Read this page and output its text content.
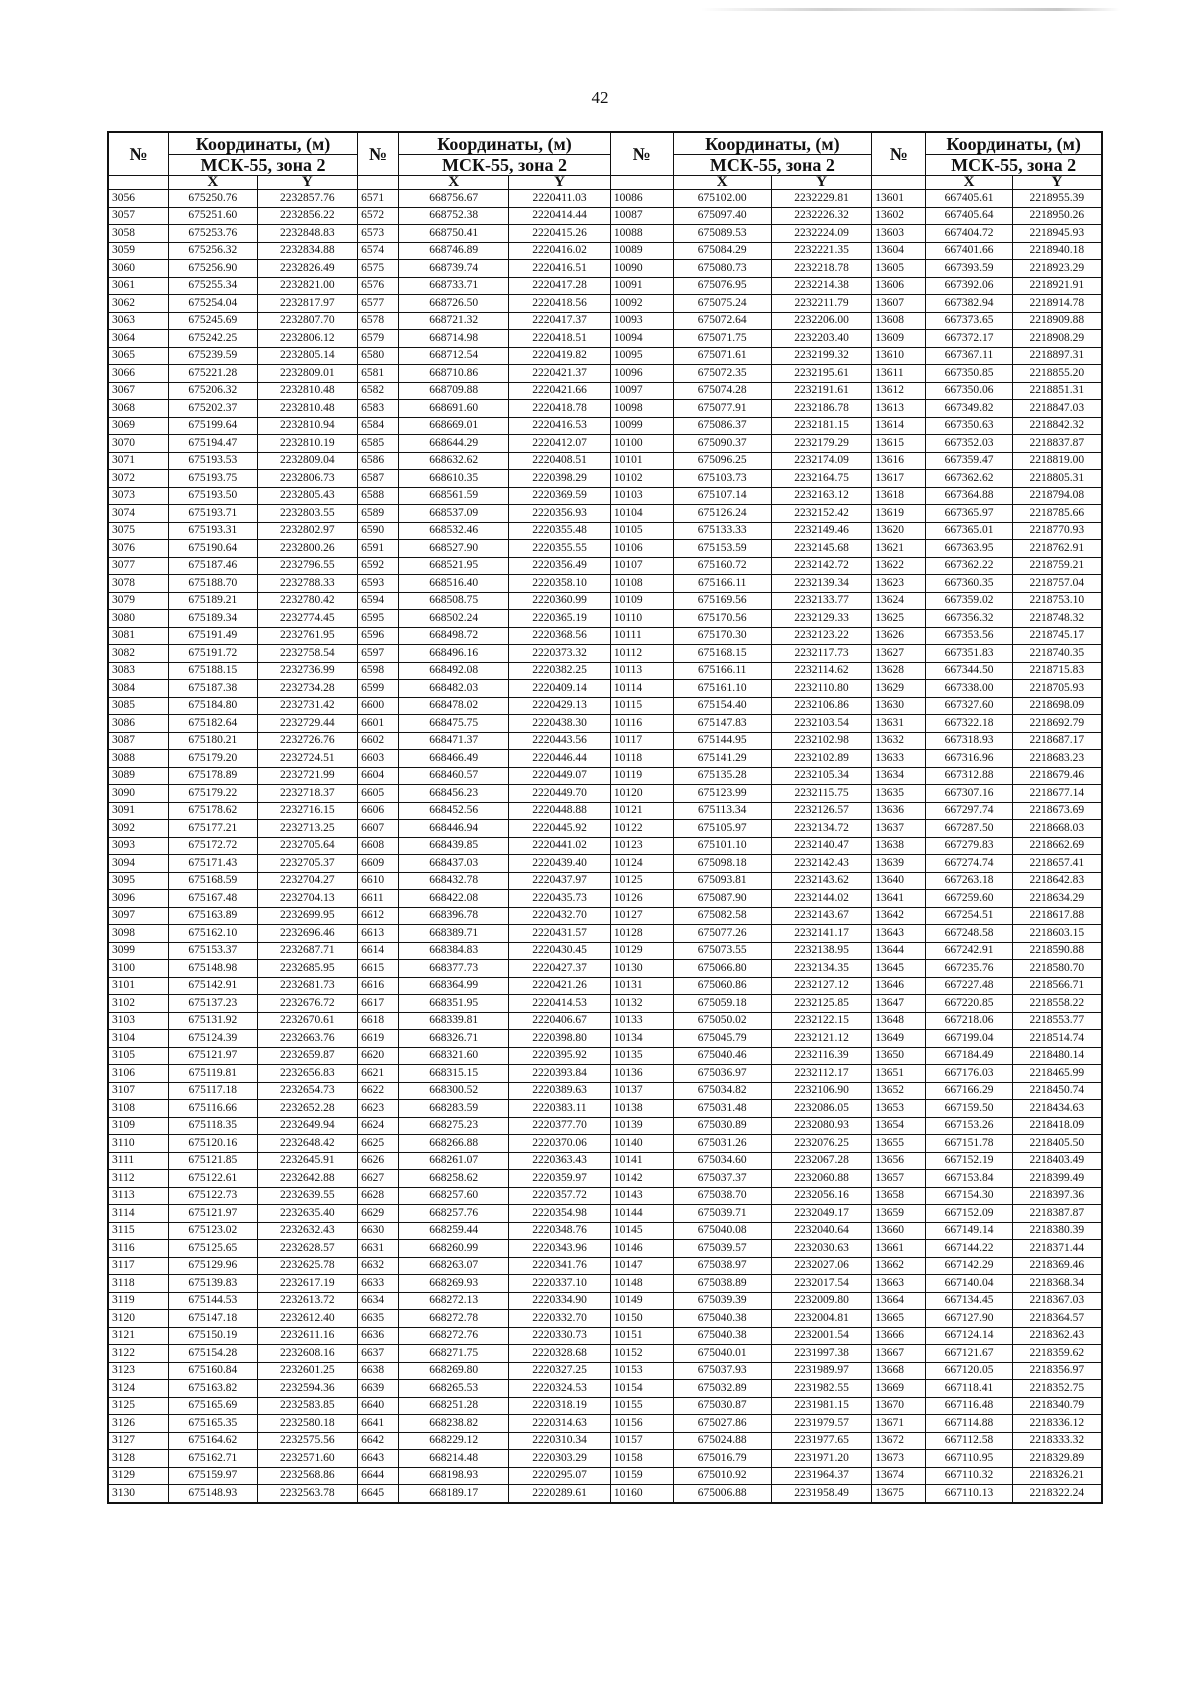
42
№	Координаты, (м)		№	Координаты, (м)		№	Координаты, (м)		№	Координаты, (м)	
	МСК-55, зона 2			МСК-55, зона 2			МСК-55, зона 2			МСК-55, зона 2	
	X	Y		X	Y		X	Y		X	Y
3056	675250.76	2232857.76	6571	668756.67	2220411.03	10086	675102.00	2232229.81	13601	667405.61	2218955.39
3057	675251.60	2232856.22	6572	668752.38	2220414.44	10087	675097.40	2232226.32	13602	667405.64	2218950.26
3058	675253.76	2232848.83	6573	668750.41	2220415.26	10088	675089.53	2232224.09	13603	667404.72	2218945.93
3059	675256.32	2232834.88	6574	668746.89	2220416.02	10089	675084.29	2232221.35	13604	667401.66	2218940.18
3060	675256.90	2232826.49	6575	668739.74	2220416.51	10090	675080.73	2232218.78	13605	667393.59	2218923.29
3061	675255.34	2232821.00	6576	668733.71	2220417.28	10091	675076.95	2232214.38	13606	667392.06	2218921.91
3062	675254.04	2232817.97	6577	668726.50	2220418.56	10092	675075.24	2232211.79	13607	667382.94	2218914.78
3063	675245.69	2232807.70	6578	668721.32	2220417.37	10093	675072.64	2232206.00	13608	667373.65	2218909.88
3064	675242.25	2232806.12	6579	668714.98	2220418.51	10094	675071.75	2232203.40	13609	667372.17	2218908.29
3065	675239.59	2232805.14	6580	668712.54	2220419.82	10095	675071.61	2232199.32	13610	667367.11	2218897.31
3066	675221.28	2232809.01	6581	668710.86	2220421.37	10096	675072.35	2232195.61	13611	667350.85	2218855.20
3067	675206.32	2232810.48	6582	668709.88	2220421.66	10097	675074.28	2232191.61	13612	667350.06	2218851.31
3068	675202.37	2232810.48	6583	668691.60	2220418.78	10098	675077.91	2232186.78	13613	667349.82	2218847.03
3069	675199.64	2232810.94	6584	668669.01	2220416.53	10099	675086.37	2232181.15	13614	667350.63	2218842.32
3070	675194.47	2232810.19	6585	668644.29	2220412.07	10100	675090.37	2232179.29	13615	667352.03	2218837.87
3071	675193.53	2232809.04	6586	668632.62	2220408.51	10101	675096.25	2232174.09	13616	667359.47	2218819.00
3072	675193.75	2232806.73	6587	668610.35	2220398.29	10102	675103.73	2232164.75	13617	667362.62	2218805.31
3073	675193.50	2232805.43	6588	668561.59	2220369.59	10103	675107.14	2232163.12	13618	667364.88	2218794.08
3074	675193.71	2232803.55	6589	668537.09	2220356.93	10104	675126.24	2232152.42	13619	667365.97	2218785.66
3075	675193.31	2232802.97	6590	668532.46	2220355.48	10105	675133.33	2232149.46	13620	667365.01	2218770.93
3076	675190.64	2232800.26	6591	668527.90	2220355.55	10106	675153.59	2232145.68	13621	667363.95	2218762.91
3077	675187.46	2232796.55	6592	668521.95	2220356.49	10107	675160.72	2232142.72	13622	667362.22	2218759.21
3078	675188.70	2232788.33	6593	668516.40	2220358.10	10108	675166.11	2232139.34	13623	667360.35	2218757.04
3079	675189.21	2232780.42	6594	668508.75	2220360.99	10109	675169.56	2232133.77	13624	667359.02	2218753.10
3080	675189.34	2232774.45	6595	668502.24	2220365.19	10110	675170.56	2232129.33	13625	667356.32	2218748.32
3081	675191.49	2232761.95	6596	668498.72	2220368.56	10111	675170.30	2232123.22	13626	667353.56	2218745.17
3082	675191.72	2232758.54	6597	668496.16	2220373.32	10112	675168.15	2232117.73	13627	667351.83	2218740.35
3083	675188.15	2232736.99	6598	668492.08	2220382.25	10113	675166.11	2232114.62	13628	667344.50	2218715.83
3084	675187.38	2232734.28	6599	668482.03	2220409.14	10114	675161.10	2232110.80	13629	667338.00	2218705.93
3085	675184.80	2232731.42	6600	668478.02	2220429.13	10115	675154.40	2232106.86	13630	667327.60	2218698.09
3086	675182.64	2232729.44	6601	668475.75	2220438.30	10116	675147.83	2232103.54	13631	667322.18	2218692.79
3087	675180.21	2232726.76	6602	668471.37	2220443.56	10117	675144.95	2232102.98	13632	667318.93	2218687.17
3088	675179.20	2232724.51	6603	668466.49	2220446.44	10118	675141.29	2232102.89	13633	667316.96	2218683.23
3089	675178.89	2232721.99	6604	668460.57	2220449.07	10119	675135.28	2232105.34	13634	667312.88	2218679.46
3090	675179.22	2232718.37	6605	668456.23	2220449.70	10120	675123.99	2232115.75	13635	667307.16	2218677.14
3091	675178.62	2232716.15	6606	668452.56	2220448.88	10121	675113.34	2232126.57	13636	667297.74	2218673.69
3092	675177.21	2232713.25	6607	668446.94	2220445.92	10122	675105.97	2232134.72	13637	667287.50	2218668.03
3093	675172.72	2232705.64	6608	668439.85	2220441.02	10123	675101.10	2232140.47	13638	667279.83	2218662.69
3094	675171.43	2232705.37	6609	668437.03	2220439.40	10124	675098.18	2232142.43	13639	667274.74	2218657.41
3095	675168.59	2232704.27	6610	668432.78	2220437.97	10125	675093.81	2232143.62	13640	667263.18	2218642.83
3096	675167.48	2232704.13	6611	668422.08	2220435.73	10126	675087.90	2232144.02	13641	667259.60	2218634.29
3097	675163.89	2232699.95	6612	668396.78	2220432.70	10127	675082.58	2232143.67	13642	667254.51	2218617.88
3098	675162.10	2232696.46	6613	668389.71	2220431.57	10128	675077.26	2232141.17	13643	667248.58	2218603.15
3099	675153.37	2232687.71	6614	668384.83	2220430.45	10129	675073.55	2232138.95	13644	667242.91	2218590.88
3100	675148.98	2232685.95	6615	668377.73	2220427.37	10130	675066.80	2232134.35	13645	667235.76	2218580.70
3101	675142.91	2232681.73	6616	668364.99	2220421.26	10131	675060.86	2232127.12	13646	667227.48	2218566.71
3102	675137.23	2232676.72	6617	668351.95	2220414.53	10132	675059.18	2232125.85	13647	667220.85	2218558.22
3103	675131.92	2232670.61	6618	668339.81	2220406.67	10133	675050.02	2232122.15	13648	667218.06	2218553.77
3104	675124.39	2232663.76	6619	668326.71	2220398.80	10134	675045.79	2232121.12	13649	667199.04	2218514.74
3105	675121.97	2232659.87	6620	668321.60	2220395.92	10135	675040.46	2232116.39	13650	667184.49	2218480.14
3106	675119.81	2232656.83	6621	668315.15	2220393.84	10136	675036.97	2232112.17	13651	667176.03	2218465.99
3107	675117.18	2232654.73	6622	668300.52	2220389.63	10137	675034.82	2232106.90	13652	667166.29	2218450.74
3108	675116.66	2232652.28	6623	668283.59	2220383.11	10138	675031.48	2232086.05	13653	667159.50	2218434.63
3109	675118.35	2232649.94	6624	668275.23	2220377.70	10139	675030.89	2232080.93	13654	667153.26	2218418.09
3110	675120.16	2232648.42	6625	668266.88	2220370.06	10140	675031.26	2232076.25	13655	667151.78	2218405.50
3111	675121.85	2232645.91	6626	668261.07	2220363.43	10141	675034.60	2232067.28	13656	667152.19	2218403.49
3112	675122.61	2232642.88	6627	668258.62	2220359.97	10142	675037.37	2232060.88	13657	667153.84	2218399.49
3113	675122.73	2232639.55	6628	668257.60	2220357.72	10143	675038.70	2232056.16	13658	667154.30	2218397.36
3114	675121.97	2232635.40	6629	668257.76	2220354.98	10144	675039.71	2232049.17	13659	667152.09	2218387.87
3115	675123.02	2232632.43	6630	668259.44	2220348.76	10145	675040.08	2232040.64	13660	667149.14	2218380.39
3116	675125.65	2232628.57	6631	668260.99	2220343.96	10146	675039.57	2232030.63	13661	667144.22	2218371.44
3117	675129.96	2232625.78	6632	668263.07	2220341.76	10147	675038.97	2232027.06	13662	667142.29	2218369.46
3118	675139.83	2232617.19	6633	668269.93	2220337.10	10148	675038.89	2232017.54	13663	667140.04	2218368.34
3119	675144.53	2232613.72	6634	668272.13	2220334.90	10149	675039.39	2232009.80	13664	667134.45	2218367.03
3120	675147.18	2232612.40	6635	668272.78	2220332.70	10150	675040.38	2232004.81	13665	667127.90	2218364.57
3121	675150.19	2232611.16	6636	668272.76	2220330.73	10151	675040.38	2232001.54	13666	667124.14	2218362.43
3122	675154.28	2232608.16	6637	668271.75	2220328.68	10152	675040.01	2231997.38	13667	667121.67	2218359.62
3123	675160.84	2232601.25	6638	668269.80	2220327.25	10153	675037.93	2231989.97	13668	667120.05	2218356.97
3124	675163.82	2232594.36	6639	668265.53	2220324.53	10154	675032.89	2231982.55	13669	667118.41	2218352.75
3125	675165.69	2232583.85	6640	668251.28	2220318.19	10155	675030.87	2231981.15	13670	667116.48	2218340.79
3126	675165.35	2232580.18	6641	668238.82	2220314.63	10156	675027.86	2231979.57	13671	667114.88	2218336.12
3127	675164.62	2232575.56	6642	668229.12	2220310.34	10157	675024.88	2231977.65	13672	667112.58	2218333.32
3128	675162.71	2232571.60	6643	668214.48	2220303.29	10158	675016.79	2231971.20	13673	667110.95	2218329.89
3129	675159.97	2232568.86	6644	668198.93	2220295.07	10159	675010.92	2231964.37	13674	667110.32	2218326.21
3130	675148.93	2232563.78	6645	668189.17	2220289.61	10160	675006.88	2231958.49	13675	667110.13	2218322.24
